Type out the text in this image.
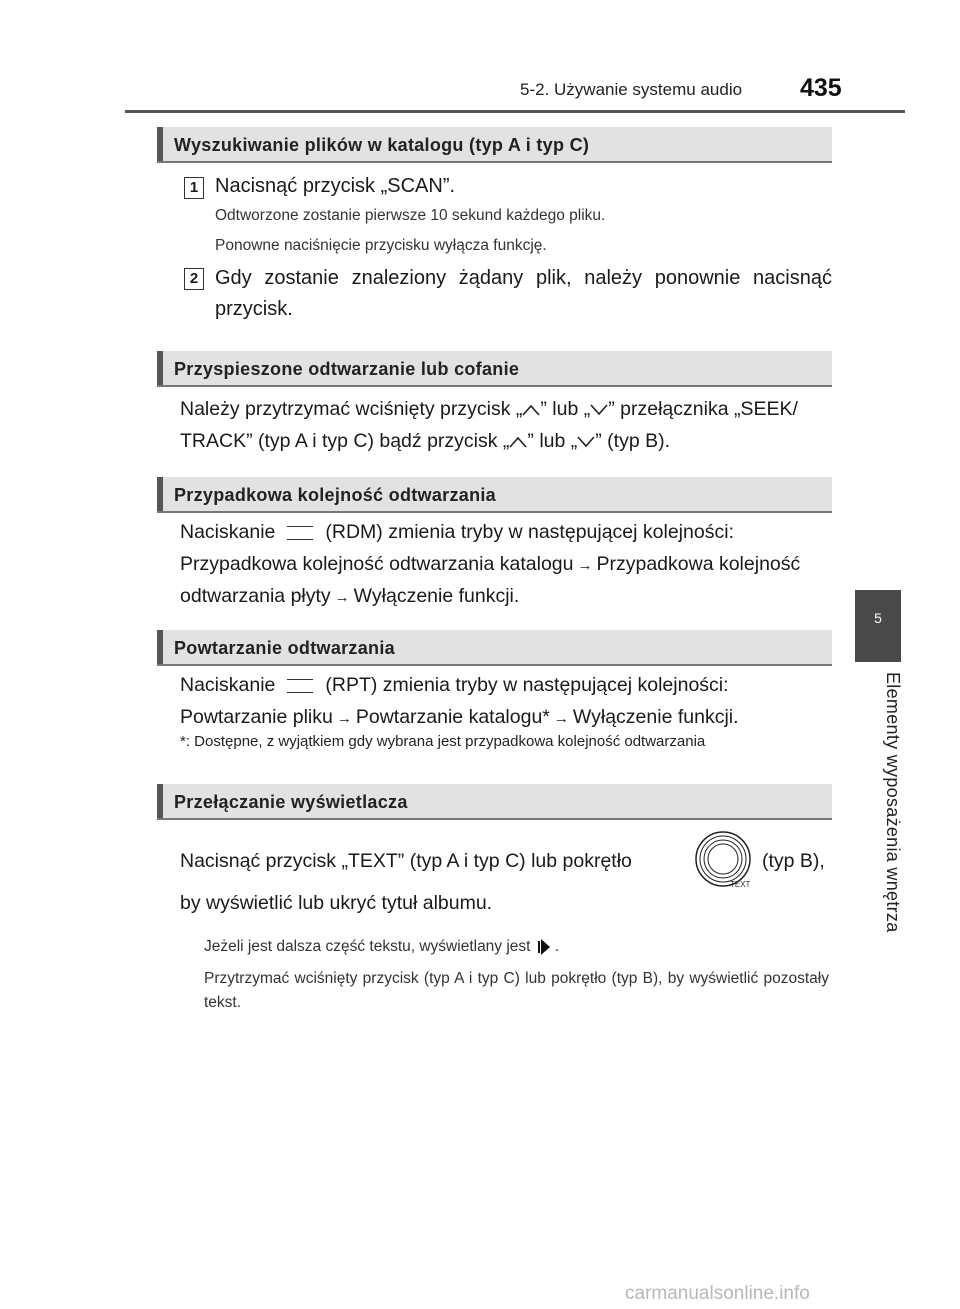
5-2. Używanie systemu audio 435
5
Elementy wyposażenia wnętrza
Wyszukiwanie plików w katalogu (typ A i typ C)
1 Nacisnąć przycisk „SCAN”.
Odtworzone zostanie pierwsze 10 sekund każdego pliku.
Ponowne naciśnięcie przycisku wyłącza funkcję.
2 Gdy zostanie znaleziony żądany plik, należy ponownie nacisnąć przycisk.
Przyspieszone odtwarzanie lub cofanie
Należy przytrzymać wciśnięty przycisk „ ” lub „ ” przełącznika „SEEK/
TRACK” (typ A i typ C) bądź przycisk „ ” lub „ ” (typ B).
Przypadkowa kolejność odtwarzania
Naciskanie	(RDM) zmienia tryby w następującej kolejności:
Przypadkowa kolejność odtwarzania katalogu → Przypadkowa kolejność
odtwarzania płyty → Wyłączenie funkcji.
Powtarzanie odtwarzania
Naciskanie	(RPT) zmienia tryby w następującej kolejności:
Powtarzanie pliku → Powtarzanie katalogu* → Wyłączenie funkcji.
*: Dostępne, z wyjątkiem gdy wybrana jest przypadkowa kolejność odtwarzania
Przełączanie wyświetlacza
Nacisnąć przycisk „TEXT” (typ A i typ C) lub pokrętło	(typ B),
TEXT
by wyświetlić lub ukryć tytuł albumu.
Jeżeli jest dalsza część tekstu, wyświetlany jest .
Przytrzymać wciśnięty przycisk (typ A i typ C) lub pokrętło (typ B), by wyświetlić pozostały tekst.
carmanualsonline.info
